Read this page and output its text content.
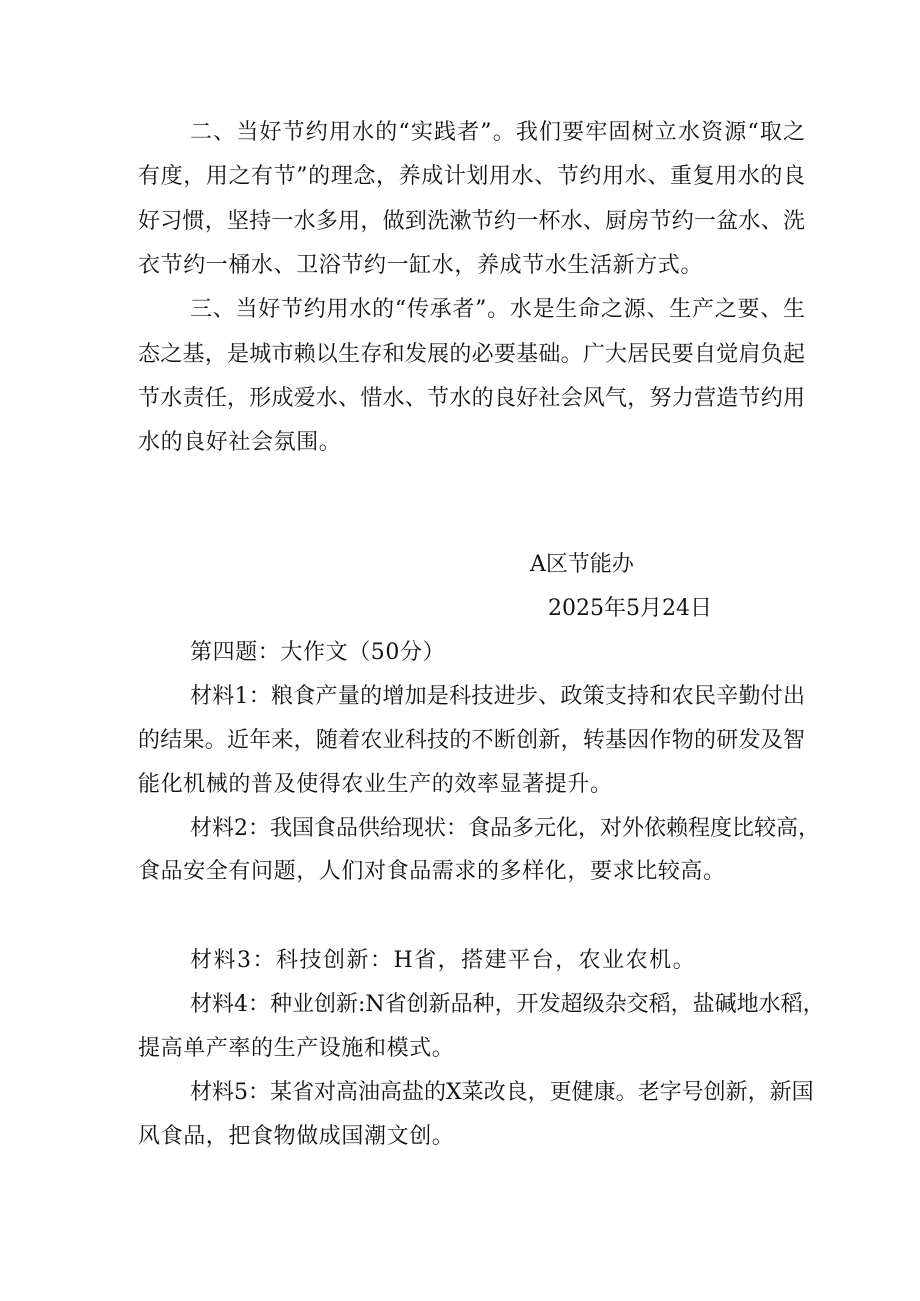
二、当好节约用水的“实践者”。我们要牢固树立水资源“取之
有度，用之有节”的理念，养成计划用水、节约用水、重复用水的良
好习惯，坚持一水多用，做到洗漱节约一杯水、厨房节约一盆水、洗
衣节约一桶水、卫浴节约一缸水，养成节水生活新方式。
三、当好节约用水的“传承者”。水是生命之源、生产之要、生
态之基，是城市赖以生存和发展的必要基础。广大居民要自觉肩负起
节水责任，形成爱水、惜水、节水的良好社会风气，努力营造节约用
水的良好社会氛围。
A区节能办
2025年5月24日
第四题：大作文（50分）
材料1：粮食产量的增加是科技进步、政策支持和农民辛勤付出
的结果。近年来，随着农业科技的不断创新，转基因作物的研发及智
能化机械的普及使得农业生产的效率显著提升。
材料2：我国食品供给现状：食品多元化，对外依赖程度比较高，
食品安全有问题，人们对食品需求的多样化，要求比较高。
材料3：科技创新：H省，搭建平台，农业农机。
材料4：种业创新:N省创新品种，开发超级杂交稻，盐碱地水稻，
提高单产率的生产设施和模式。
材料5：某省对高油高盐的X菜改良，更健康。老字号创新，新国
风食品，把食物做成国潮文创。
